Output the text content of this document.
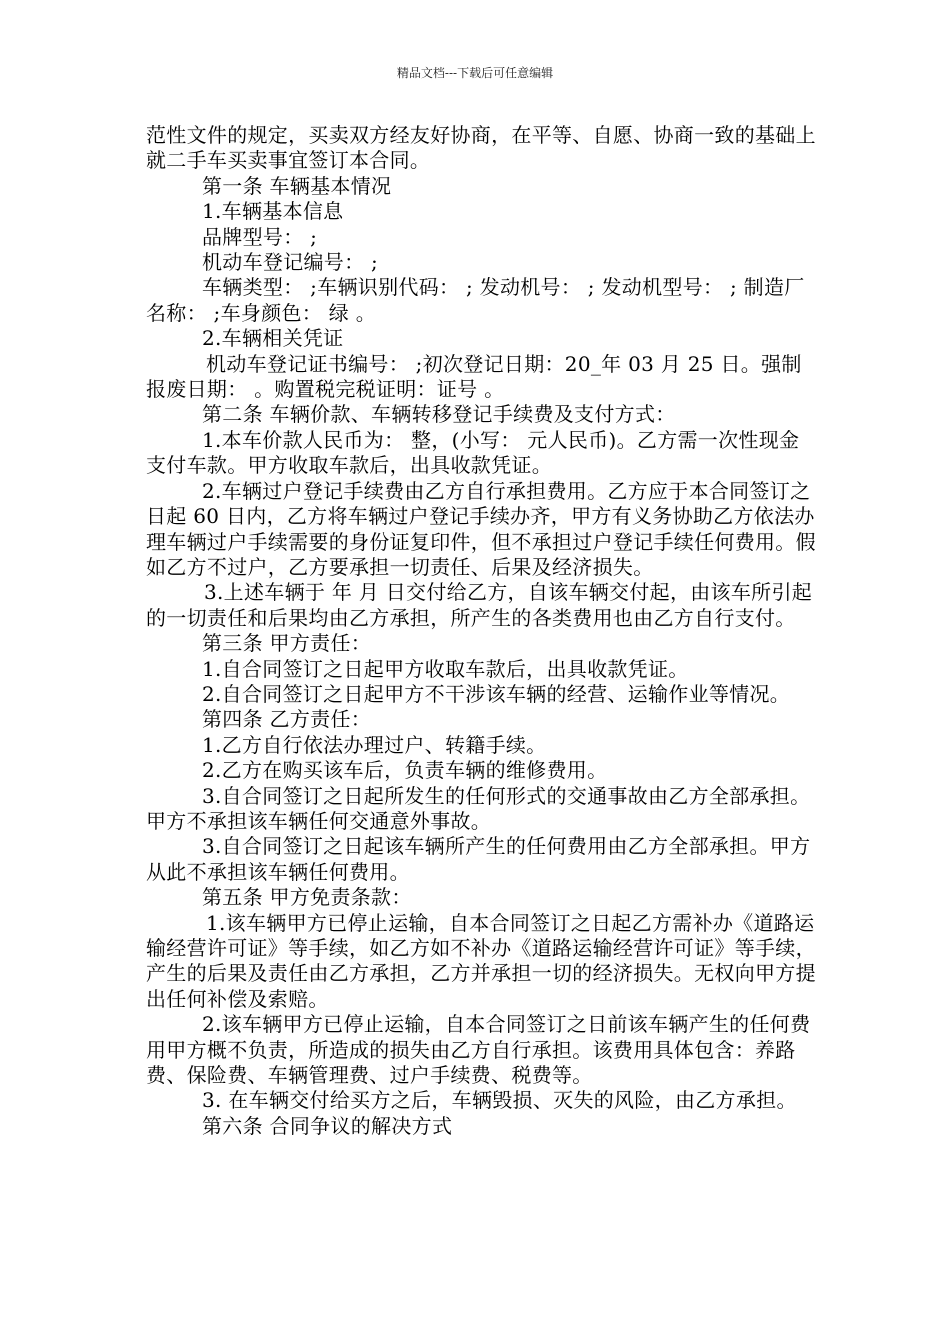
精品文档---下载后可任意编辑

范性文件的规定，买卖双方经友好协商，在平等、自愿、协商一致的基础上就二手车买卖事宜签订本合同。

第一条 车辆基本情况

1.车辆基本信息

品牌型号： ;

机动车登记编号： ;

车辆类型： ;车辆识别代码： ; 发动机号： ; 发动机型号： ; 制造厂名称： ;车身颜色： 绿 。

2.车辆相关凭证

机动车登记证书编号： ;初次登记日期：20_年 03 月 25 日。强制报废日期： 。购置税完税证明：证号 。

第二条 车辆价款、车辆转移登记手续费及支付方式：

1.本车价款人民币为： 整，(小写： 元人民币)。乙方需一次性现金支付车款。甲方收取车款后，出具收款凭证。

2.车辆过户登记手续费由乙方自行承担费用。乙方应于本合同签订之日起 60 日内，乙方将车辆过户登记手续办齐，甲方有义务协助乙方依法办理车辆过户手续需要的身份证复印件，但不承担过户登记手续任何费用。假如乙方不过户，乙方要承担一切责任、后果及经济损失。

3.上述车辆于 年 月 日交付给乙方，自该车辆交付起，由该车所引起的一切责任和后果均由乙方承担，所产生的各类费用也由乙方自行支付。

第三条 甲方责任：

1.自合同签订之日起甲方收取车款后，出具收款凭证。

2.自合同签订之日起甲方不干涉该车辆的经营、运输作业等情况。

第四条 乙方责任：

1.乙方自行依法办理过户、转籍手续。

2.乙方在购买该车后，负责车辆的维修费用。

3.自合同签订之日起所发生的任何形式的交通事故由乙方全部承担。甲方不承担该车辆任何交通意外事故。

3.自合同签订之日起该车辆所产生的任何费用由乙方全部承担。甲方从此不承担该车辆任何费用。

第五条 甲方免责条款：

1.该车辆甲方已停止运输，自本合同签订之日起乙方需补办《道路运输经营许可证》等手续，如乙方如不补办《道路运输经营许可证》等手续，产生的后果及责任由乙方承担，乙方并承担一切的经济损失。无权向甲方提出任何补偿及索赔。

2.该车辆甲方已停止运输，自本合同签订之日前该车辆产生的任何费用甲方概不负责，所造成的损失由乙方自行承担。该费用具体包含：养路费、保险费、车辆管理费、过户手续费、税费等。

3. 在车辆交付给买方之后，车辆毁损、灭失的风险，由乙方承担。

第六条 合同争议的解决方式
